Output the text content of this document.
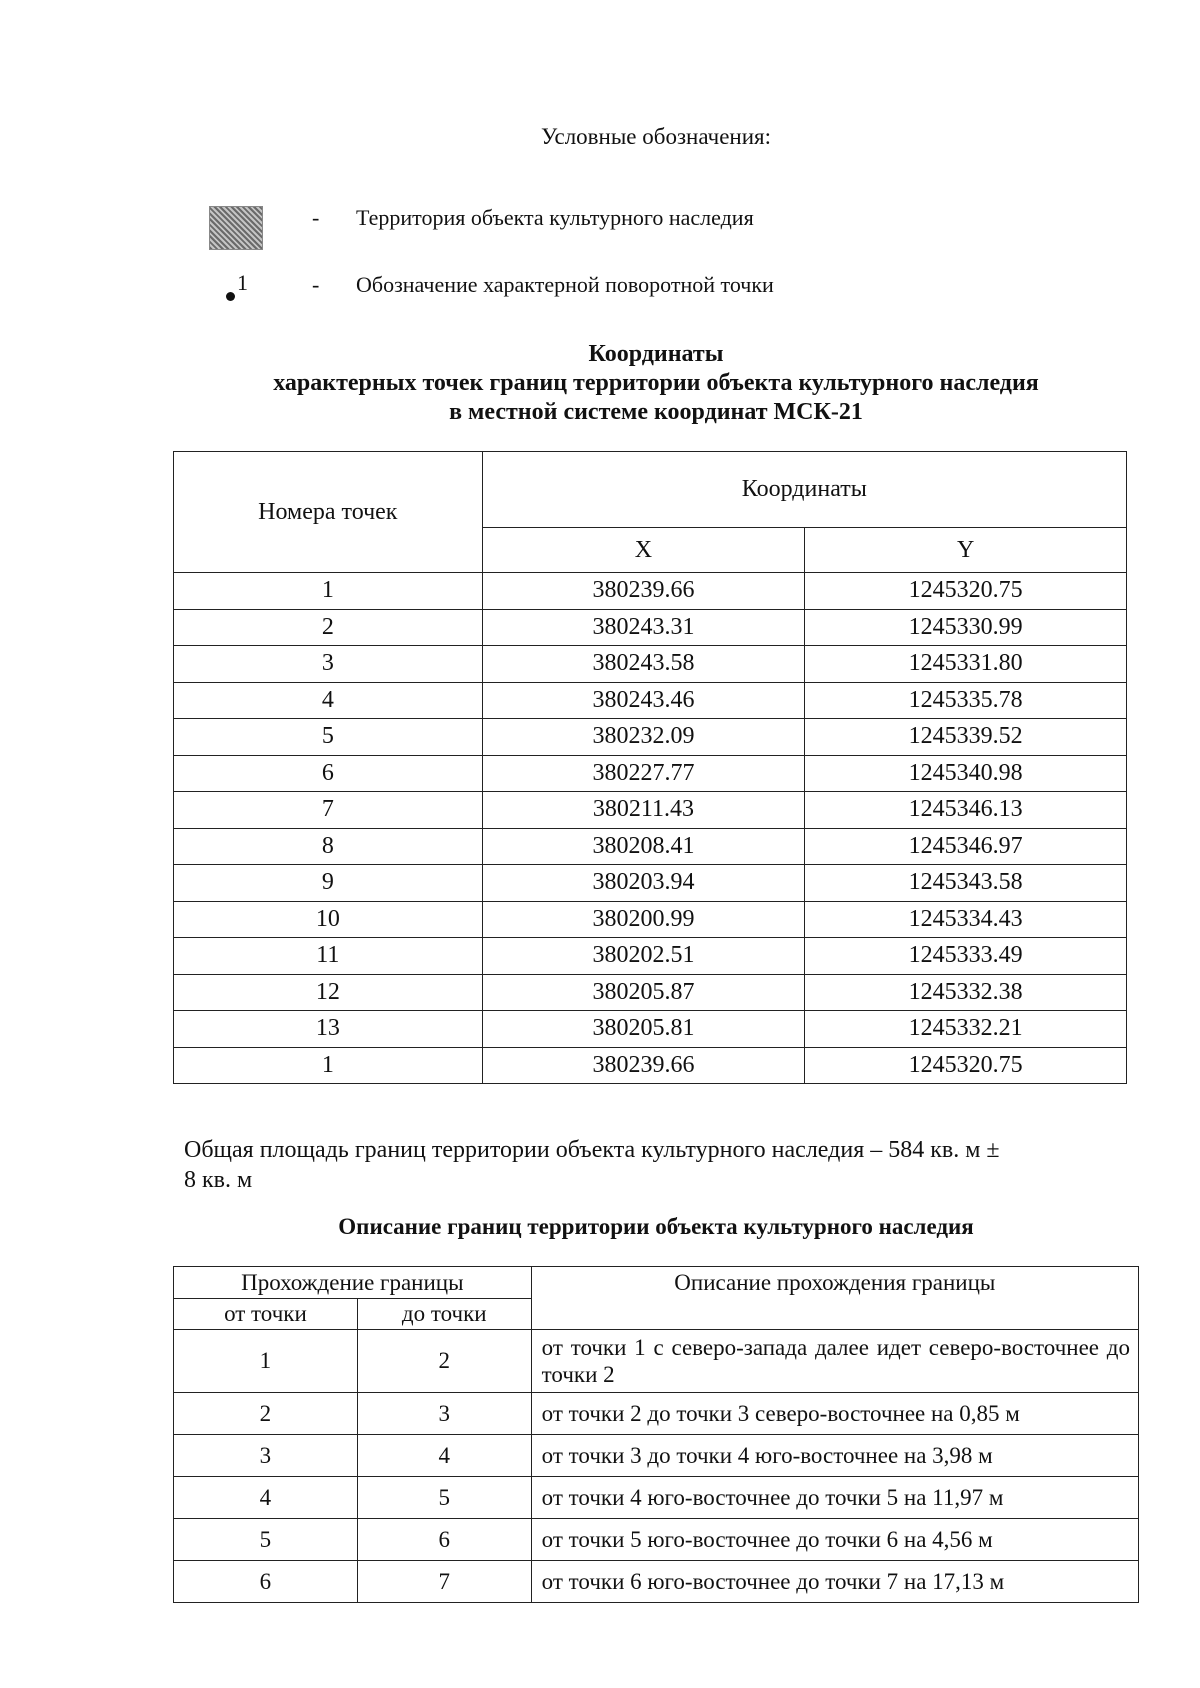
Условные обозначения:
- Территория объекта культурного наследия
1	- Обозначение характерной поворотной точки
Координаты
характерных точек границ территории объекта культурного наследия
в местной системе координат МСК-21
Номера точек	Координаты	
	X	Y
1	380239.66	1245320.75
2	380243.31	1245330.99
3	380243.58	1245331.80
4	380243.46	1245335.78
5	380232.09	1245339.52
6	380227.77	1245340.98
7	380211.43	1245346.13
8	380208.41	1245346.97
9	380203.94	1245343.58
10	380200.99	1245334.43
11	380202.51	1245333.49
12	380205.87	1245332.38
13	380205.81	1245332.21
1	380239.66	1245320.75
Общая площадь границ территории объекта культурного наследия – 584 кв. м ±
8 кв. м
Описание границ территории объекта культурного наследия
Прохождение границы		Описание прохождения границы
от точки	до точки	
1	2	от точки 1 с северо-запада далее идет северо-восточнее до точки 2
2	3	от точки 2 до точки 3 северо-восточнее на 0,85 м
3	4	от точки 3 до точки 4 юго-восточнее на 3,98 м
4	5	от точки 4 юго-восточнее до точки 5 на 11,97 м
5	6	от точки 5 юго-восточнее до точки 6 на 4,56 м
6	7	от точки 6 юго-восточнее до точки 7 на 17,13 м
